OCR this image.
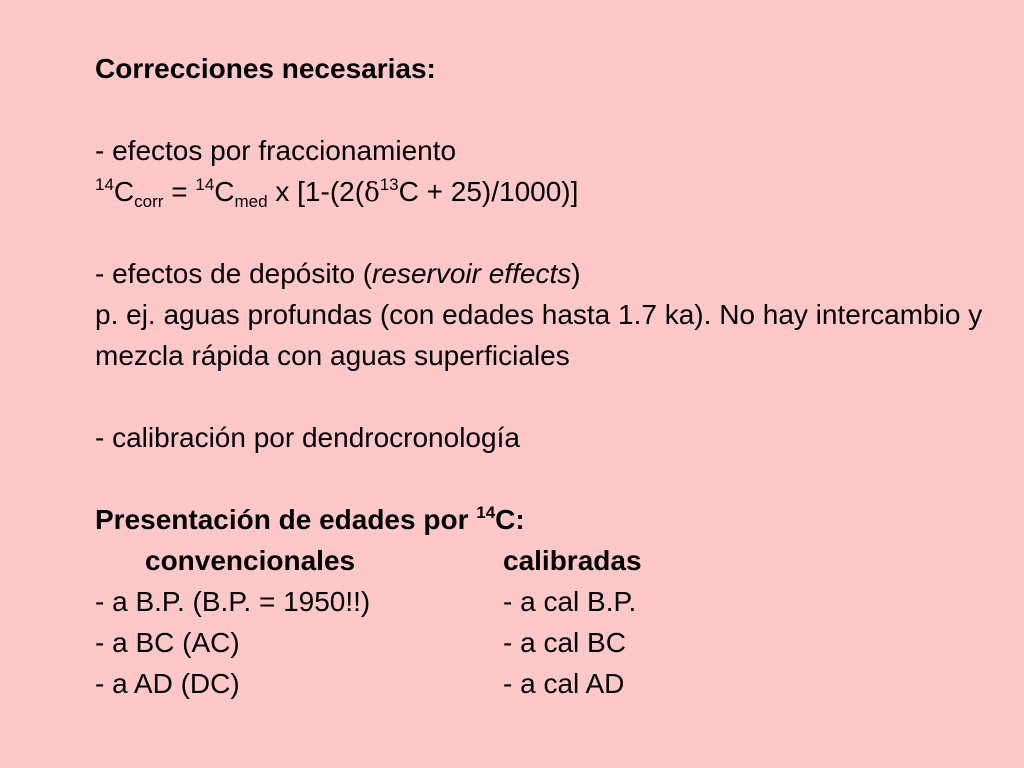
Correcciones necesarias:
- efectos por fraccionamiento
$^{14}C_{corr} = ^{14}C_{med}$ x $[1-(2(\delta^{13}C + 25)/1000)]$
- efectos de depósito (reservoir effects)
p. ej. aguas profundas (con edades hasta 1.7 ka). No hay intercambio y mezcla rápida con aguas superficiales
- calibración por dendrocronología
Presentación de edades por $^{14}$C:
convencionales	calibradas
- a B.P. (B.P. = 1950!!)	- a cal B.P.
- a BC (AC)	- a cal BC
- a AD (DC)	- a cal AD
